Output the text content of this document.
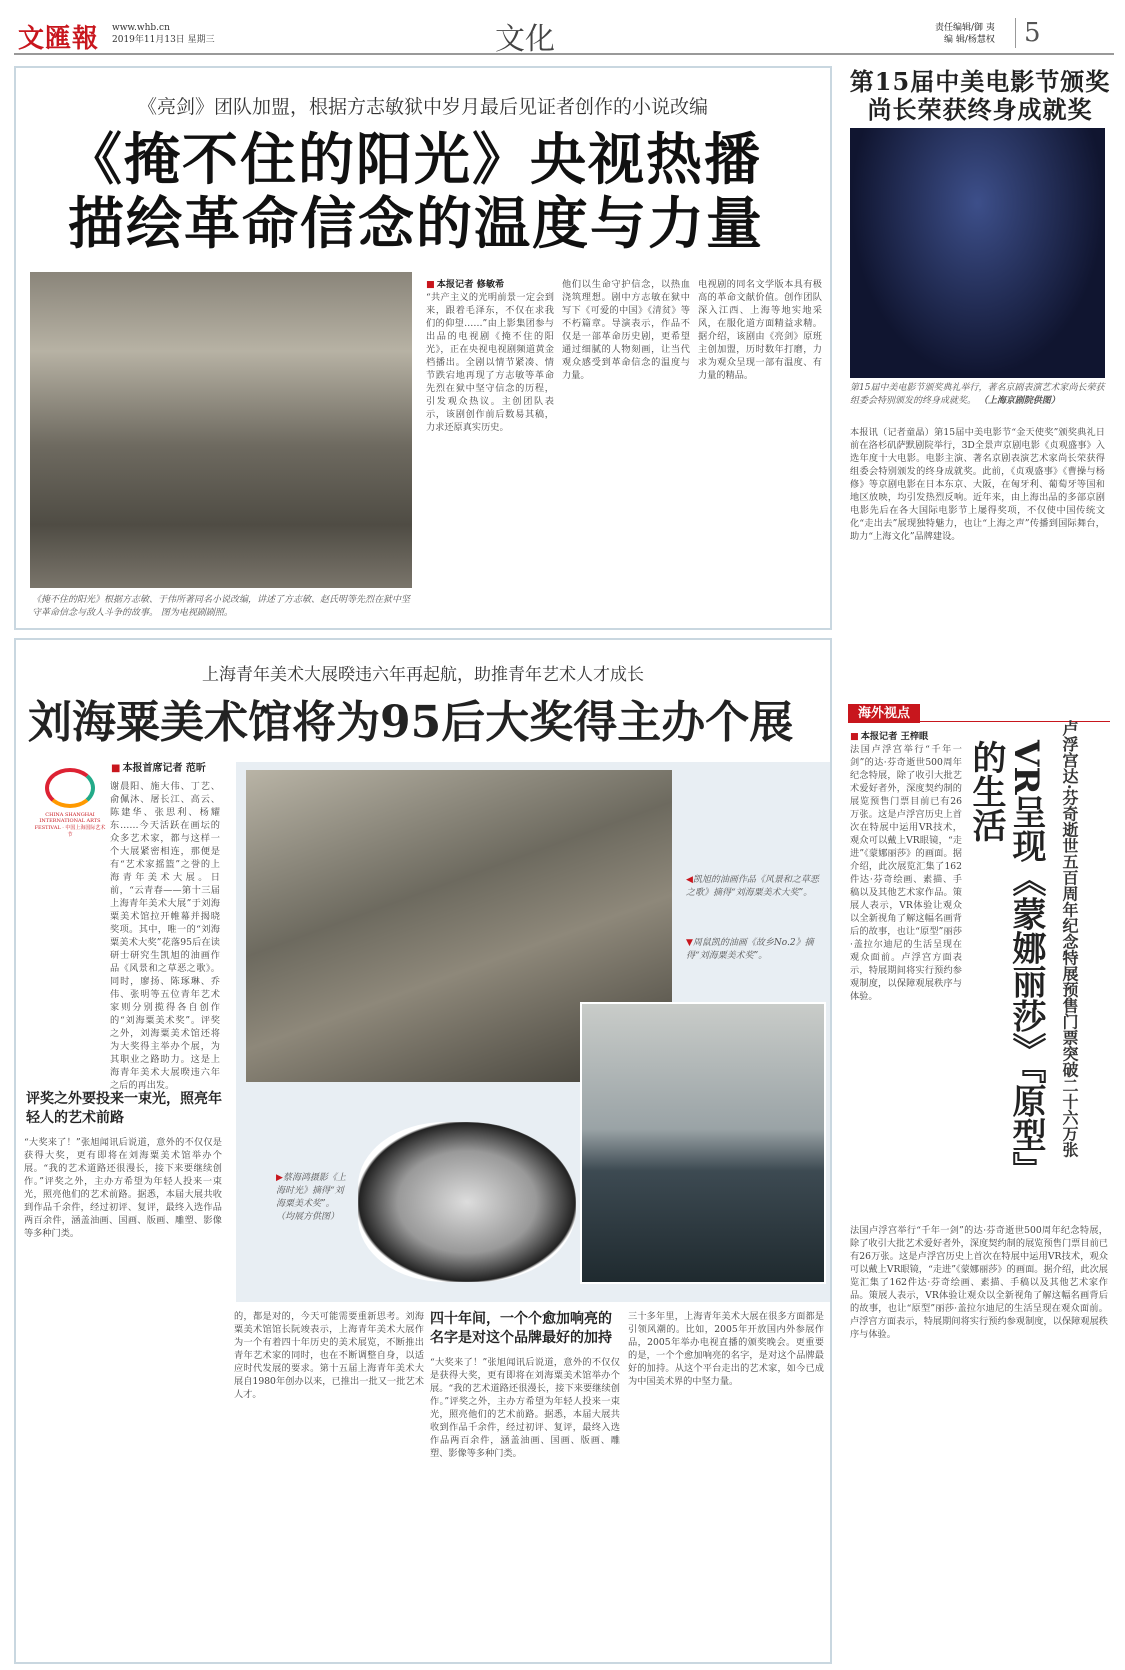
文匯報 www.whb.cn
2019年11月13日 星期三	文化	责任编辑/御 夷
编 辑/杨慧权	5
《亮剑》团队加盟，根据方志敏狱中岁月最后见证者创作的小说改编
《掩不住的阳光》央视热播
描绘革命信念的温度与力量
《掩不住的阳光》根据方志敏、于伟所著同名小说改编，讲述了方志敏、赵氏明等先烈在狱中坚守革命信念与敌人斗争的故事。 图为电视剧剧照。
■ 本报记者 修敏希
“共产主义的光明前景一定会到来，跟着毛泽东，不仅在求我们的仰望……”由上影集团参与出品的电视剧《掩不住的阳光》，正在央视电视剧频道黄金档播出。全剧以情节紧凑、情节跌宕地再现了方志敏等革命先烈在狱中坚守信念的历程，引发观众热议。主创团队表示，该剧创作前后数易其稿，力求还原真实历史。
他们以生命守护信念，以热血浇筑理想。剧中方志敏在狱中写下《可爱的中国》《清贫》等不朽篇章。导演表示，作品不仅是一部革命历史剧，更希望通过细腻的人物刻画，让当代观众感受到革命信念的温度与力量。
电视剧的同名文学版本具有极高的革命文献价值。创作团队深入江西、上海等地实地采风，在服化道方面精益求精。据介绍，该剧由《亮剑》原班主创加盟，历时数年打磨，力求为观众呈现一部有温度、有力量的精品。
第15届中美电影节颁奖
尚长荣获终身成就奖
第15届中美电影节颁奖典礼举行，著名京剧表演艺术家尚长荣获组委会特别颁发的终身成就奖。 （上海京剧院供图）
本报讯（记者童晶）第15届中美电影节“金天使奖”颁奖典礼日前在洛杉矶萨默剧院举行，3D全景声京剧电影《贞观盛事》入选年度十大电影。电影主演、著名京剧表演艺术家尚长荣获得组委会特别颁发的终身成就奖。此前，《贞观盛事》《曹操与杨修》等京剧电影在日本东京、大阪，在匈牙利、葡萄牙等国和地区放映，均引发热烈反响。近年来，由上海出品的多部京剧电影先后在各大国际电影节上屡得奖项，不仅使中国传统文化“走出去”展现独特魅力，也让“上海之声”传播到国际舞台，助力“上海文化”品牌建设。
海外视点
■ 本报记者 王梓眼
法国卢浮宫举行“千年一剑”的达·芬奇逝世500周年纪念特展，除了收引大批艺术爱好者外，深度契约制的展览预售门票目前已有26万张。这是卢浮宫历史上首次在特展中运用VR技术，观众可以戴上VR眼镜，“走进”《蒙娜丽莎》的画面。据介绍，此次展览汇集了162件达·芬奇绘画、素描、手稿以及其他艺术家作品。策展人表示，VR体验让观众以全新视角了解这幅名画背后的故事，也让“原型”丽莎·盖拉尔迪尼的生活呈现在观众面前。卢浮宫方面表示，特展期间将实行预约参观制度，以保障观展秩序与体验。	VR呈现《蒙娜丽莎》『原型』的生活	卢浮宫达·芬奇逝世五百周年纪念特展预售门票突破二十六万张
法国卢浮宫举行“千年一剑”的达·芬奇逝世500周年纪念特展，除了收引大批艺术爱好者外，深度契约制的展览预售门票目前已有26万张。这是卢浮宫历史上首次在特展中运用VR技术，观众可以戴上VR眼镜，“走进”《蒙娜丽莎》的画面。据介绍，此次展览汇集了162件达·芬奇绘画、素描、手稿以及其他艺术家作品。策展人表示，VR体验让观众以全新视角了解这幅名画背后的故事，也让“原型”丽莎·盖拉尔迪尼的生活呈现在观众面前。卢浮宫方面表示，特展期间将实行预约参观制度，以保障观展秩序与体验。
上海青年美术大展暌违六年再起航，助推青年艺术人才成长
刘海粟美术馆将为95后大奖得主办个展
■ 本报首席记者 范昕
CHINA SHANGHAI INTERNATIONAL ARTS FESTIVAL · 中国上海国际艺术节
谢晨阳、施大伟、丁艺、俞佩沐、屠长江、高云、陈建华、张思利、杨耀东……今天活跃在画坛的众多艺术家，都与这样一个大展紧密相连，那便是有“艺术家摇篮”之誉的上海青年美术大展。日前，“云青春——第十三届上海青年美术大展”于刘海粟美术馆拉开帷幕并揭晓奖项。其中，唯一的“刘海粟美术大奖”花落95后在读研士研究生凯旭的油画作品《风景和之草恶之歌》。同时，廖扬、陈琢琳、乔伟、张明等五位青年艺术家则分别揽得各自创作的“刘海粟美术奖”。评奖之外，刘海粟美术馆还将为大奖得主举办个展，为其职业之路助力。这是上海青年美术大展暌违六年之后的再出发。
评奖之外要投来一束光，照亮年轻人的艺术前路
“大奖来了！”张旭闻讯后说道，意外的不仅仅是获得大奖，更有即将在刘海粟美术馆举办个展。“我的艺术道路还很漫长，接下来要继续创作。”评奖之外，主办方希望为年轻人投来一束光，照亮他们的艺术前路。据悉，本届大展共收到作品千余件，经过初评、复评，最终入选作品两百余件，涵盖油画、国画、版画、雕塑、影像等多种门类。
◀凯旭的油画作品《风景和之草恶之歌》摘得“刘海粟美术大奖”。
▼周鼠凯的油画《故乡No.2》摘得“刘海粟美术奖”。
▶蔡海鸿摄影《上海时光》摘得“刘海粟美术奖”。
（均展方供图）
的，都是对的，今天可能需要重新思考。刘海粟美术馆馆长阮竣表示，上海青年美术大展作为一个有着四十年历史的美术展览，不断推出青年艺术家的同时，也在不断调整自身，以适应时代发展的要求。第十五届上海青年美术大展自1980年创办以来，已推出一批又一批艺术人才。
四十年间，一个个愈加响亮的名字是对这个品牌最好的加持
“大奖来了！”张旭闻讯后说道，意外的不仅仅是获得大奖，更有即将在刘海粟美术馆举办个展。“我的艺术道路还很漫长，接下来要继续创作。”评奖之外，主办方希望为年轻人投来一束光，照亮他们的艺术前路。据悉，本届大展共收到作品千余件，经过初评、复评，最终入选作品两百余件，涵盖油画、国画、版画、雕塑、影像等多种门类。
三十多年里，上海青年美术大展在很多方面都是引领风潮的。比如，2005年开放国内外参展作品，2005年举办电视直播的颁奖晚会。更重要的是，一个个愈加响亮的名字，是对这个品牌最好的加持。从这个平台走出的艺术家，如今已成为中国美术界的中坚力量。
